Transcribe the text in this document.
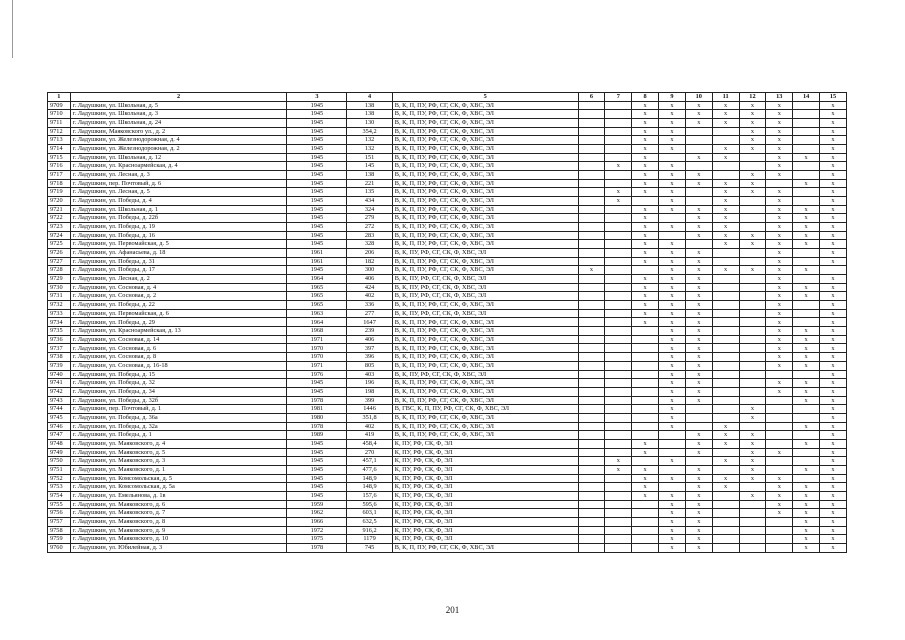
1	2	3	4	5	6	7	8	9	10	11	12	13	14	15
9709	г. Ладушкин, ул. Школьная, д. 5	1945	138	В, К, П, ПУ, РФ, СГ, СК, Ф, ХВС, ЭЛ			x	x	x	x	x	x		x
9710	г. Ладушкин, ул. Школьная, д. 3	1945	138	В, К, П, ПУ, РФ, СГ, СК, Ф, ХВС, ЭЛ			x	x	x	x	x	x		x
9711	г. Ладушкин, ул. Школьная, д. 24	1945	130	В, К, П, ПУ, РФ, СГ, СК, Ф, ХВС, ЭЛ			x	x	x	x	x	x		x
9712	г. Ладушкин, Маяковского ул., д. 2	1945	354,2	В, К, П, ПУ, РФ, СГ, СК, Ф, ХВС, ЭЛ			x	x			x	x		x
9713	г. Ладушкин, ул. Железнодорожная, д. 4	1945	132	В, К, П, ПУ, РФ, СГ, СК, Ф, ХВС, ЭЛ			x	x			x	x		x
9714	г. Ладушкин, ул. Железнодорожная, д. 2	1945	132	В, К, П, ПУ, РФ, СГ, СК, Ф, ХВС, ЭЛ			x	x		x	x	x		x
9715	г. Ладушкин, ул. Школьная, д. 12	1945	151	В, К, П, ПУ, РФ, СГ, СК, Ф, ХВС, ЭЛ			x		x	x		x	x	x
9716	г. Ладушкин, ул. Красноармейская, д. 4	1945	145	В, К, П, ПУ, РФ, СГ, СК, Ф, ХВС, ЭЛ		x	x	x				x		x
9717	г. Ладушкин, ул. Лесная, д. 3	1945	138	В, К, П, ПУ, РФ, СГ, СК, Ф, ХВС, ЭЛ			x	x	x		x	x		x
9718	г. Ладушкин, пер. Почтовый, д. 6	1945	221	В, К, П, ПУ, РФ, СГ, СК, Ф, ХВС, ЭЛ			x	x	x	x	x		x	x
9719	г. Ладушкин, ул. Лесная, д. 5	1945	135	В, К, П, ПУ, РФ, СГ, СК, Ф, ХВС, ЭЛ		x	x	x		x	x	x		x
9720	г. Ладушкин, ул. Победы, д. 4	1945	434	В, К, П, ПУ, РФ, СГ, СК, Ф, ХВС, ЭЛ		x		x		x		x		x
9721	г. Ладушкин, ул. Школьная, д. 1	1945	324	В, К, П, ПУ, РФ, СГ, СК, Ф, ХВС, ЭЛ			x	x	x	x		x	x	x
9722	г. Ладушкин, ул. Победы, д. 22б	1945	279	В, К, П, ПУ, РФ, СГ, СК, Ф, ХВС, ЭЛ			x		x	x		x	x	x
9723	г. Ладушкин, ул. Победы, д. 19	1945	272	В, К, П, ПУ, РФ, СГ, СК, Ф, ХВС, ЭЛ			x	x	x	x		x	x	x
9724	г. Ладушкин, ул. Победы, д. 16	1945	283	В, К, П, ПУ, РФ, СГ, СК, Ф, ХВС, ЭЛ			x		x	x	x	x	x	x
9725	г. Ладушкин, ул. Первомайская, д. 5	1945	328	В, К, П, ПУ, РФ, СГ, СК, Ф, ХВС, ЭЛ			x	x		x	x	x	x	x
9726	г. Ладушкин, ул. Афанасьева, д. 18	1961	206	В, К, ПУ, РФ, СГ, СК, Ф, ХВС, ЭЛ			x	x	x			x		x
9727	г. Ладушкин, ул. Победы, д. 31	1961	182	В, К, П, ПУ, РФ, СГ, СК, Ф, ХВС, ЭЛ			x	x	x			x		x
9728	г. Ладушкин, ул. Победы, д. 17	1945	300	В, К, П, ПУ, РФ, СГ, СК, Ф, ХВС, ЭЛ	x			x	x	x	x	x	x	
9729	г. Ладушкин, ул. Лесная, д. 2	1964	406	В, К, ПУ, РФ, СГ, СК, Ф, ХВС, ЭЛ			x	x	x			x		x
9730	г. Ладушкин, ул. Сосновая, д. 4	1965	424	В, К, ПУ, РФ, СГ, СК, Ф, ХВС, ЭЛ			x	x	x			x	x	x
9731	г. Ладушкин, ул. Сосновая, д. 2	1965	402	В, К, ПУ, РФ, СГ, СК, Ф, ХВС, ЭЛ			x	x	x			x	x	x
9732	г. Ладушкин, ул. Победы, д. 22	1965	336	В, К, П, ПУ, РФ, СГ, СК, Ф, ХВС, ЭЛ			x	x	x			x		x
9733	г. Ладушкин, ул. Первомайская, д. 6	1963	277	В, К, ПУ, РФ, СГ, СК, Ф, ХВС, ЭЛ			x	x	x			x		x
9734	г. Ладушкин, ул. Победы, д. 29	1964	1647	В, К, П, ПУ, РФ, СГ, СК, Ф, ХВС, ЭЛ			x	x	x			x		x
9735	г. Ладушкин, ул. Красноармейская, д. 13	1968	239	В, К, П, ПУ, РФ, СГ, СК, Ф, ХВС, ЭЛ				x	x			x	x	x
9736	г. Ладушкин, ул. Сосновая, д. 14	1971	406	В, К, П, ПУ, РФ, СГ, СК, Ф, ХВС, ЭЛ				x	x			x	x	x
9737	г. Ладушкин, ул. Сосновая, д. 6	1970	397	В, К, П, ПУ, РФ, СГ, СК, Ф, ХВС, ЭЛ				x	x			x	x	x
9738	г. Ладушкин, ул. Сосновая, д. 8	1970	396	В, К, П, ПУ, РФ, СГ, СК, Ф, ХВС, ЭЛ				x	x			x	x	x
9739	г. Ладушкин, ул. Сосновая, д. 16-18	1971	805	В, К, П, ПУ, РФ, СГ, СК, Ф, ХВС, ЭЛ				x	x			x	x	x
9740	г. Ладушкин, ул. Победы, д. 15	1976	403	В, К, ПУ, РФ, СГ, СК, Ф, ХВС, ЭЛ				x	x					x
9741	г. Ладушкин, ул. Победы, д. 32	1945	196	В, К, П, ПУ, РФ, СГ, СК, Ф, ХВС, ЭЛ				x	x			x	x	x
9742	г. Ладушкин, ул. Победы, д. 34	1945	198	В, К, П, ПУ, РФ, СГ, СК, Ф, ХВС, ЭЛ				x	x			x	x	x
9743	г. Ладушкин, ул. Победы, д. 32б	1978	399	В, К, П, ПУ, РФ, СГ, СК, Ф, ХВС, ЭЛ				x	x				x	x
9744	г. Ладушкин, пер. Почтовый, д. 1	1981	1446	В, ГВС, К, П, ПУ, РФ, СГ, СК, Ф, ХВС, ЭЛ				x			x			x
9745	г. Ладушкин, ул. Победы, д. 36а	1980	351,8	В, К, П, ПУ, РФ, СГ, СК, Ф, ХВС, ЭЛ				x			x			x
9746	г. Ладушкин, ул. Победы, д. 32а	1978	402	В, К, П, ПУ, РФ, СГ, СК, Ф, ХВС, ЭЛ				x		x			x	x
9747	г. Ладушкин, ул. Победы, д. 1	1989	419	В, К, П, ПУ, РФ, СГ, СК, Ф, ХВС, ЭЛ					x	x	x			x
9748	г. Ладушкин, ул. Маяковского, д. 4	1945	458,4	К, ПУ, РФ, СК, Ф, ЭЛ			x		x	x	x		x	x
9749	г. Ладушкин, ул. Маяковского, д. 5	1945	270	К, ПУ, РФ, СК, Ф, ЭЛ			x		x		x	x		x
9750	г. Ладушкин, ул. Маяковского, д. 3	1945	457,1	К, ПУ, РФ, СК, Ф, ЭЛ		x		x		x	x			x
9751	г. Ладушкин, ул. Маяковского, д. 1	1945	477,6	К, ПУ, РФ, СК, Ф, ЭЛ		x	x		x		x		x	x
9752	г. Ладушкин, ул. Комсомольская, д. 5	1945	148,9	К, ПУ, РФ, СК, Ф, ЭЛ			x	x	x	x	x	x		x
9753	г. Ладушкин, ул. Комсомольская, д. 5а	1945	148,9	К, ПУ, РФ, СК, Ф, ЭЛ			x		x	x		x	x	x
9754	г. Ладушкин, ул. Емельянова, д. 1в	1945	157,6	К, ПУ, РФ, СК, Ф, ЭЛ			x	x	x		x	x	x	x
9755	г. Ладушкин, ул. Маяковского, д. 6	1959	595,6	К, ПУ, РФ, СК, Ф, ЭЛ				x	x			x	x	x
9756	г. Ладушкин, ул. Маяковского, д. 7	1962	603,1	К, ПУ, РФ, СК, Ф, ЭЛ				x	x			x	x	x
9757	г. Ладушкин, ул. Маяковского, д. 8	1966	632,5	К, ПУ, РФ, СК, Ф, ЭЛ				x	x				x	x
9758	г. Ладушкин, ул. Маяковского, д. 9	1972	916,2	К, ПУ, РФ, СК, Ф, ЭЛ				x	x				x	x
9759	г. Ладушкин, ул. Маяковского, д. 10	1975	1179	К, ПУ, РФ, СК, Ф, ЭЛ				x	x				x	x
9760	г. Ладушкин, ул. Юбилейная, д. 3	1978	745	В, К, П, ПУ, РФ, СГ, СК, Ф, ХВС, ЭЛ				x	x				x	x
201
